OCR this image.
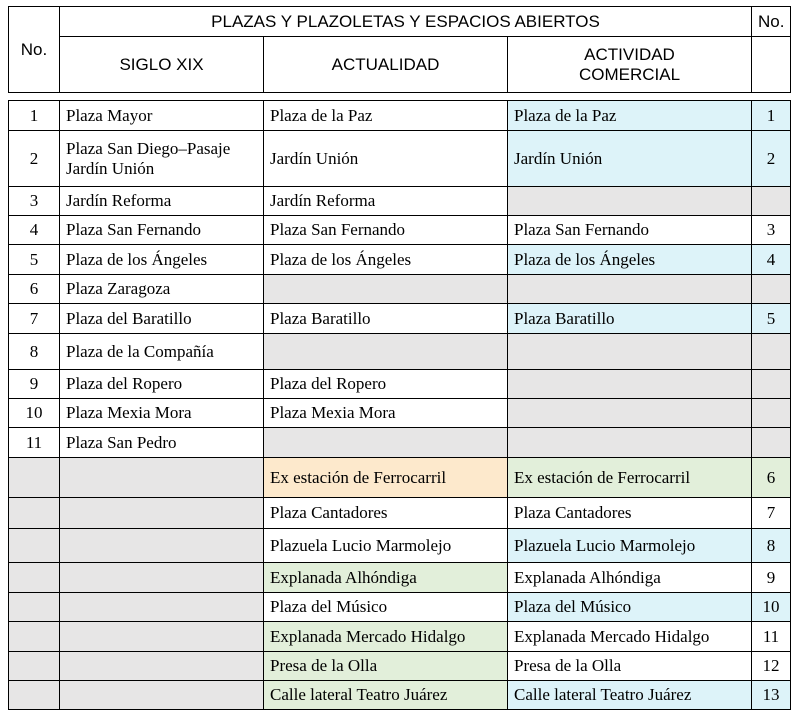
No.	PLAZAS Y PLAZOLETAS Y ESPACIOS ABIERTOS			No.
	SIGLO XIX	ACTUALIDAD	ACTIVIDAD COMERCIAL	
1	Plaza Mayor	Plaza de la Paz	Plaza de la Paz	1
2	Plaza San Diego–Pasaje Jardín Unión	Jardín Unión	Jardín Unión	2
3	Jardín Reforma	Jardín Reforma		
4	Plaza San Fernando	Plaza San Fernando	Plaza San Fernando	3
5	Plaza de los Ángeles	Plaza de los Ángeles	Plaza de los Ángeles	4
6	Plaza Zaragoza			
7	Plaza del Baratillo	Plaza Baratillo	Plaza Baratillo	5
8	Plaza de la Compañía			
9	Plaza del Ropero	Plaza del Ropero		
10	Plaza Mexia Mora	Plaza Mexia Mora		
11	Plaza San Pedro			
		Ex estación de Ferrocarril	Ex estación de Ferrocarril	6
		Plaza Cantadores	Plaza Cantadores	7
		Plazuela Lucio Marmolejo	Plazuela Lucio Marmolejo	8
		Explanada Alhóndiga	Explanada Alhóndiga	9
		Plaza del Músico	Plaza del Músico	10
		Explanada Mercado Hidalgo	Explanada Mercado Hidalgo	11
		Presa de la Olla	Presa de la Olla	12
		Calle lateral Teatro Juárez	Calle lateral Teatro Juárez	13
